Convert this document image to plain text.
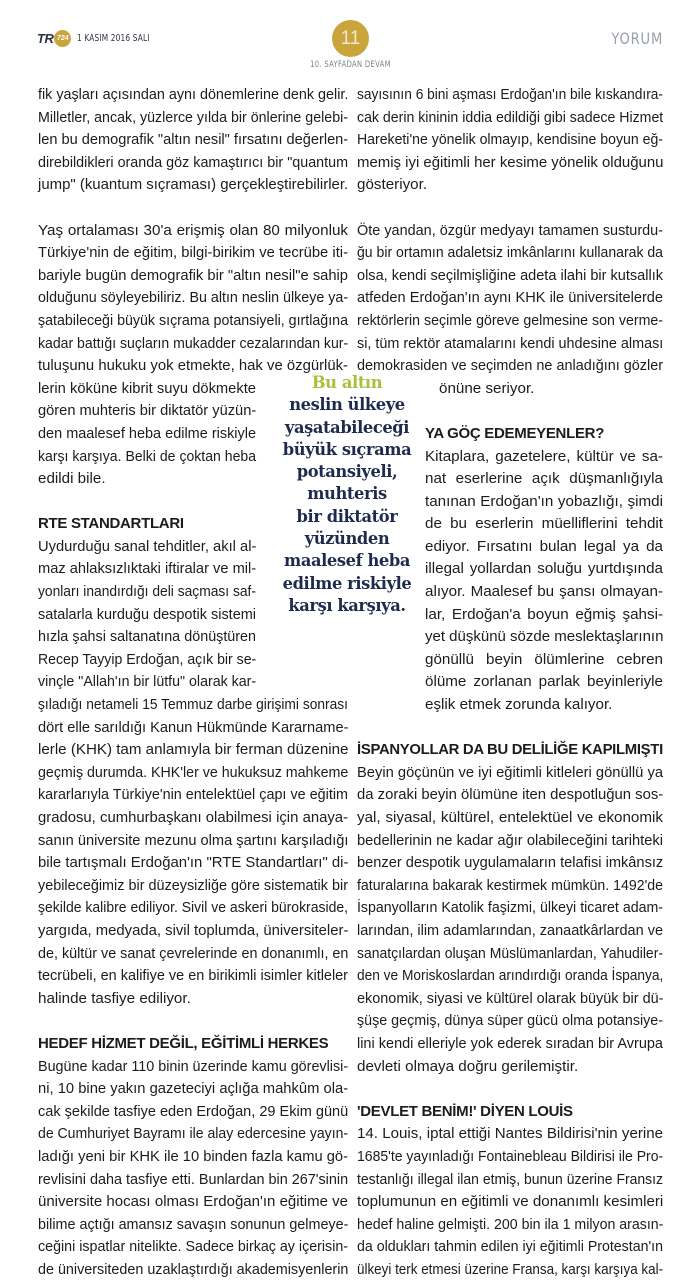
TR 724 1 KASIM 2016 SALI	11
10. SAYFADAN DEVAM
YORUM
fik yaşları açısından aynı dönemlerine denk gelir.
Milletler, ancak, yüzlerce yılda bir önlerine gelebi-
len bu demografik "altın nesil" fırsatını değerlen-
direbildikleri oranda göz kamaştırıcı bir "quantum
jump" (kuantum sıçraması) gerçekleştirebilirler.
Yaş ortalaması 30'a erişmiş olan 80 milyonluk
Türkiye'nin de eğitim, bilgi-birikim ve tecrübe iti-
bariyle bugün demografik bir "altın nesil"e sahip
olduğunu söyleyebiliriz. Bu altın neslin ülkeye ya-
şatabileceği büyük sıçrama potansiyeli, gırtlağına
kadar battığı suçların mukadder cezalarından kur-
tuluşunu hukuku yok etmekte, hak ve özgürlük-
lerin köküne kibrit suyu dökmekte
gören muhteris bir diktatör yüzün-
den maalesef heba edilme riskiyle
karşı karşıya. Belki de çoktan heba
edildi bile.
RTE STANDARTLARI
Uydurduğu sanal tehditler, akıl al-
maz ahlaksızlıktaki iftiralar ve mil-
yonları inandırdığı deli saçması saf-
satalarla kurduğu despotik sistemi
hızla şahsi saltanatına dönüştüren
Recep Tayyip Erdoğan, açık bir se-
vinçle "Allah'ın bir lütfu" olarak kar-
şıladığı netameli 15 Temmuz darbe girişimi sonrası
dört elle sarıldığı Kanun Hükmünde Kararname-
lerle (KHK) tam anlamıyla bir ferman düzenine
geçmiş durumda. KHK'ler ve hukuksuz mahkeme
kararlarıyla Türkiye'nin entelektüel çapı ve eğitim
gradosu, cumhurbaşkanı olabilmesi için anaya-
sanın üniversite mezunu olma şartını karşıladığı
bile tartışmalı Erdoğan'ın "RTE Standartları" di-
yebileceğimiz bir düzeysizliğe göre sistematik bir
şekilde kalibre ediliyor. Sivil ve askeri bürokraside,
yargıda, medyada, sivil toplumda, üniversiteler-
de, kültür ve sanat çevrelerinde en donanımlı, en
tecrübeli, en kalifiye ve en birikimli isimler kitleler
halinde tasfiye ediliyor.
HEDEF HİZMET DEĞİL, EĞİTİMLİ HERKES
Bugüne kadar 110 binin üzerinde kamu görevlisi-
ni, 10 bine yakın gazeteciyi açlığa mahkûm ola-
cak şekilde tasfiye eden Erdoğan, 29 Ekim günü
de Cumhuriyet Bayramı ile alay edercesine yayın-
ladığı yeni bir KHK ile 10 binden fazla kamu gö-
revlisini daha tasfiye etti. Bunlardan bin 267'sinin
üniversite hocası olması Erdoğan'ın eğitime ve
bilime açtığı amansız savaşın sonunun gelmeye-
ceğini ispatlar nitelikte. Sadece birkaç ay içerisin-
de üniversiteden uzaklaştırdığı akademisyenlerin
Bu altın
neslin ülkeye
yaşatabileceği
büyük sıçrama
potansiyeli,
muhteris
bir diktatör
yüzünden
maalesef heba
edilme riskiyle
karşı karşıya.
sayısının 6 bini aşması Erdoğan'ın bile kıskandıra-
cak derin kininin iddia edildiği gibi sadece Hizmet
Hareketi'ne yönelik olmayıp, kendisine boyun eğ-
memiş iyi eğitimli her kesime yönelik olduğunu
gösteriyor.
Öte yandan, özgür medyayı tamamen susturdu-
ğu bir ortamın adaletsiz imkânlarını kullanarak da
olsa, kendi seçilmişliğine adeta ilahi bir kutsallık
atfeden Erdoğan'ın aynı KHK ile üniversitelerde
rektörlerin seçimle göreve gelmesine son verme-
si, tüm rektör atamalarını kendi uhdesine alması
demokrasiden ve seçimden ne anladığını gözler
önüne seriyor.
YA GÖÇ EDEMEYENLER?
Kitaplara, gazetelere, kültür ve sa-
nat eserlerine açık düşmanlığıyla
tanınan Erdoğan'ın yobazlığı, şimdi
de bu eserlerin müelliflerini tehdit
ediyor. Fırsatını bulan legal ya da
illegal yollardan soluğu yurtdışında
alıyor. Maalesef bu şansı olmayan-
lar, Erdoğan'a boyun eğmiş şahsi-
yet düşkünü sözde meslektaşlarının
gönüllü beyin ölümlerine cebren
ölüme zorlanan parlak beyinleriyle
eşlik etmek zorunda kalıyor.
İSPANYOLLAR DA BU DELİLİĞE KAPILMIŞTI
Beyin göçünün ve iyi eğitimli kitleleri gönüllü ya
da zoraki beyin ölümüne iten despotluğun sos-
yal, siyasal, kültürel, entelektüel ve ekonomik
bedellerinin ne kadar ağır olabileceğini tarihteki
benzer despotik uygulamaların telafisi imkânsız
faturalarına bakarak kestirmek mümkün. 1492'de
İspanyolların Katolik faşizmi, ülkeyi ticaret adam-
larından, ilim adamlarından, zanaatkârlardan ve
sanatçılardan oluşan Müslümanlardan, Yahudiler-
den ve Moriskoslardan arındırdığı oranda İspanya,
ekonomik, siyasi ve kültürel olarak büyük bir dü-
şüşe geçmiş, dünya süper gücü olma potansiye-
lini kendi elleriyle yok ederek sıradan bir Avrupa
devleti olmaya doğru gerilemiştir.
'DEVLET BENİM!' DİYEN LOUİS
14. Louis, iptal ettiği Nantes Bildirisi'nin yerine
1685'te yayınladığı Fontainebleau Bildirisi ile Pro-
testanlığı illegal ilan etmiş, bunun üzerine Fransız
toplumunun en eğitimli ve donanımlı kesimleri
hedef haline gelmişti. 200 bin ila 1 milyon arasın-
da oldukları tahmin edilen iyi eğitimli Protestan'ın
ülkeyi terk etmesi üzerine Fransa, karşı karşıya kal-
